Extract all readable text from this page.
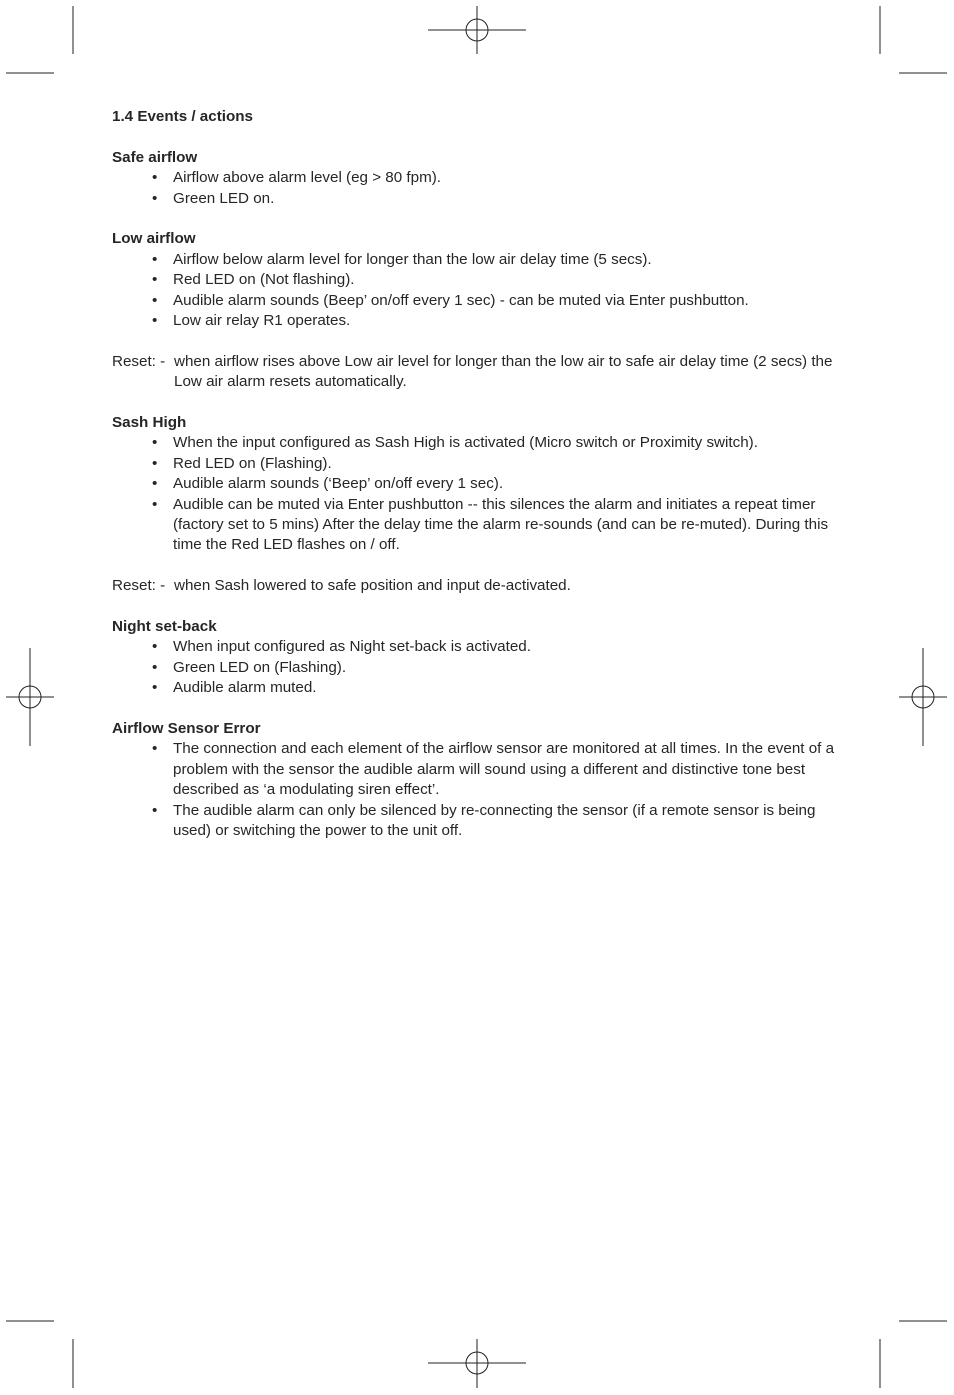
1.4 Events / actions

Safe airflow

• Airflow above alarm level (eg > 80 fpm).
• Green LED on.

Low airflow

• Airflow below alarm level for longer than the low air delay time (5 secs).
• Red LED on (Not flashing).
• Audible alarm sounds (Beep’ on/off every 1 sec) - can be muted via Enter pushbutton.
• Low air relay R1 operates.
Reset: - when airflow rises above Low air level for longer than the low air to safe air delay time (2 secs) the Low air alarm resets automatically.

Sash High

• When the input configured as Sash High is activated (Micro switch or Proximity switch).
• Red LED on (Flashing).
• Audible alarm sounds (‘Beep’ on/off every 1 sec).
• Audible can be muted via Enter pushbutton -- this silences the alarm and initiates a repeat timer (factory set to 5 mins) After the delay time the alarm re-sounds (and can be re-muted). During this time the Red LED flashes on / off.
Reset: - when Sash lowered to safe position and input de-activated.

Night set-back

• When input configured as Night set-back is activated.
• Green LED on (Flashing).
• Audible alarm muted.

Airflow Sensor Error

• The connection and each element of the airflow sensor are monitored at all times. In the event of a problem with the sensor the audible alarm will sound using a different and distinctive tone best described as ‘a modulating siren effect’.
• The audible alarm can only be silenced by re-connecting the sensor (if a remote sensor is being used) or switching the power to the unit off.
